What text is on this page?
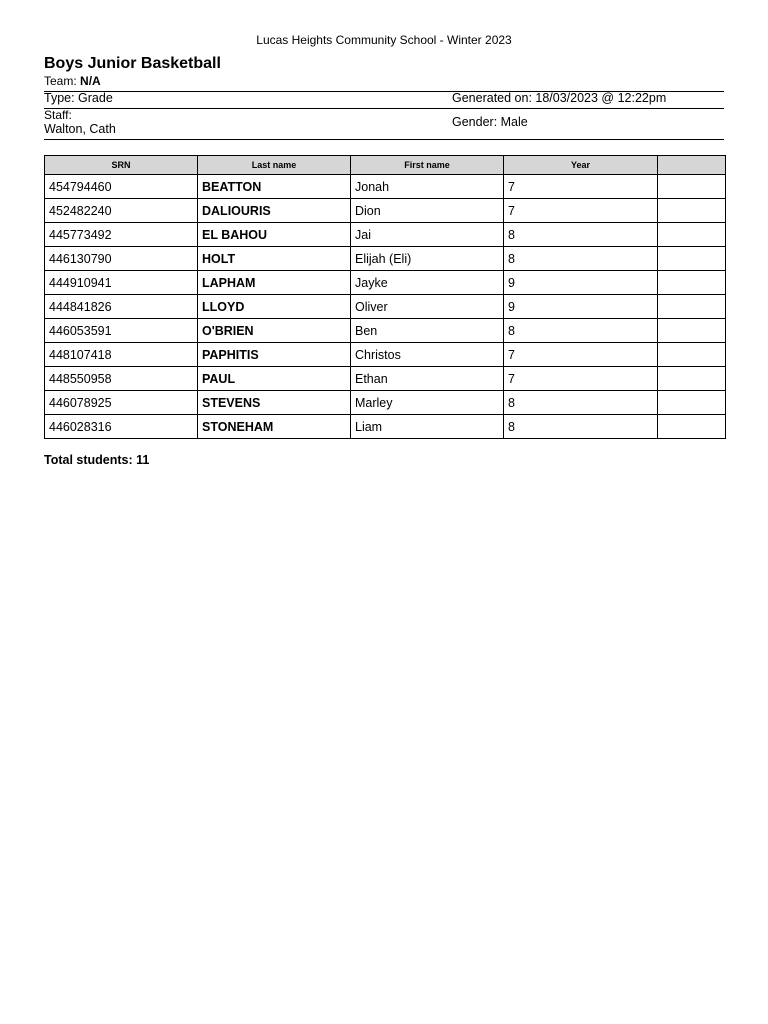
Lucas Heights Community School - Winter 2023
Boys Junior Basketball
Team: N/A
Type: Grade	Generated on: 18/03/2023 @ 12:22pm
Staff:
Walton, Cath	Gender: Male
SRN	Last name	First name	Year	
454794460	BEATTON	Jonah	7	
452482240	DALIOURIS	Dion	7	
445773492	EL BAHOU	Jai	8	
446130790	HOLT	Elijah (Eli)	8	
444910941	LAPHAM	Jayke	9	
444841826	LLOYD	Oliver	9	
446053591	O'BRIEN	Ben	8	
448107418	PAPHITIS	Christos	7	
448550958	PAUL	Ethan	7	
446078925	STEVENS	Marley	8	
446028316	STONEHAM	Liam	8	
Total students: 11
